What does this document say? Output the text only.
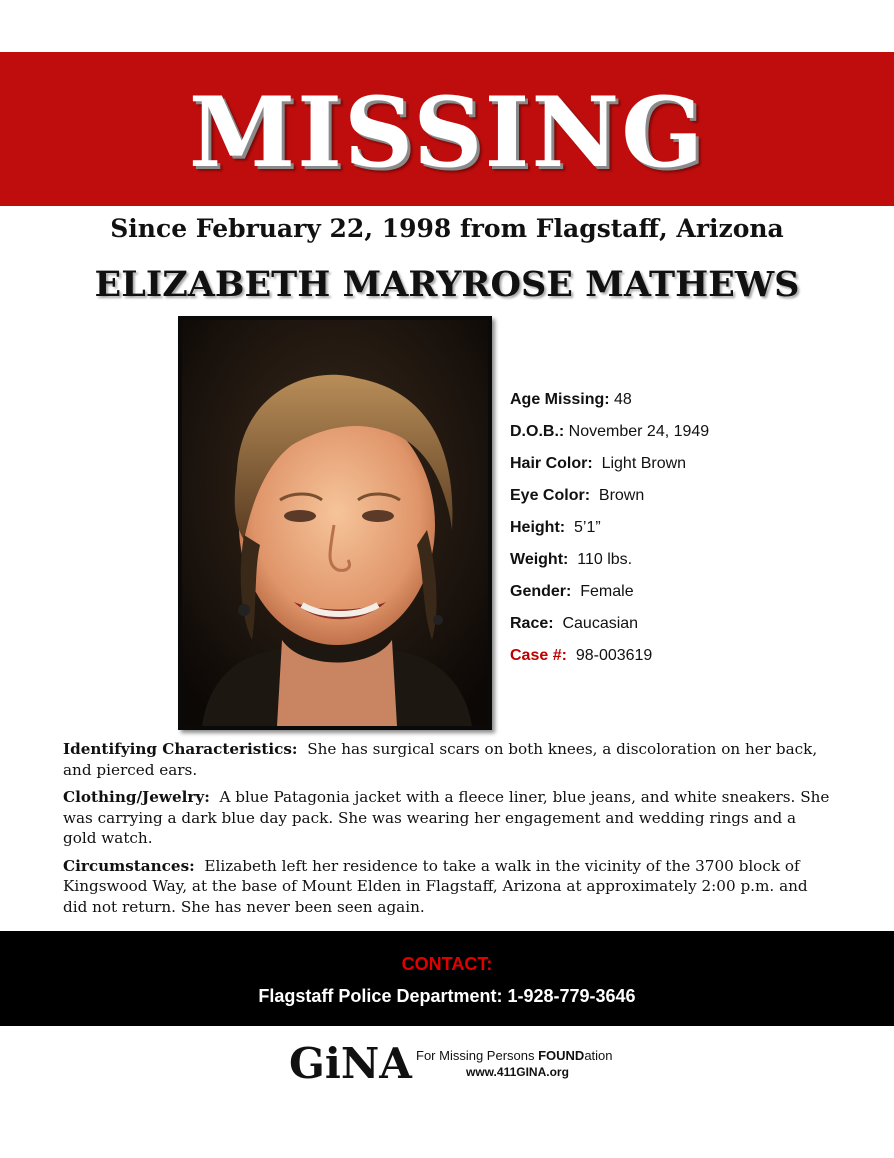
MISSING
Since February 22, 1998 from Flagstaff, Arizona
ELIZABETH MARYROSE MATHEWS
Age Missing: 48
D.O.B.: November 24, 1949
Hair Color: Light Brown
Eye Color: Brown
Height: 5’1”
Weight: 110 lbs.
Gender: Female
Race: Caucasian
Case #: 98-003619

Identifying Characteristics: She has surgical scars on both knees, a discoloration on her back, and pierced ears.

Clothing/Jewelry: A blue Patagonia jacket with a fleece liner, blue jeans, and white sneakers. She was carrying a dark blue day pack. She was wearing her engagement and wedding rings and a gold watch.

Circumstances: Elizabeth left her residence to take a walk in the vicinity of the 3700 block of Kingswood Way, at the base of Mount Elden in Flagstaff, Arizona at approximately 2:00 p.m. and did not return. She has never been seen again.

CONTACT:
Flagstaff Police Department: 1-928-779-3646
GiNA For Missing Persons FOUNDation
www.411GINA.org
